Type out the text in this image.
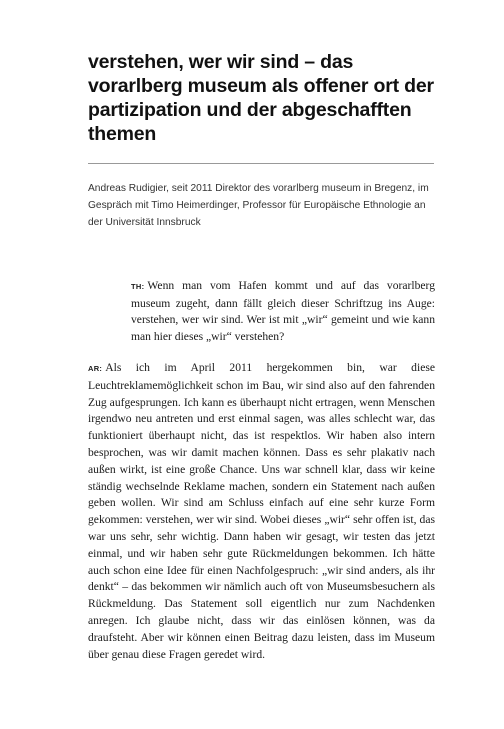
verstehen, wer wir sind – das vorarlberg museum als offener ort der partizipation und der abgeschafften themen

Andreas Rudigier, seit 2011 Direktor des vorarlberg museum in Bregenz, im Gespräch mit Timo Heimerdinger, Professor für Europäische Ethnologie an der Universität Innsbruck

TH: Wenn man vom Hafen kommt und auf das vorarlberg museum zugeht, dann fällt gleich dieser Schriftzug ins Auge: verstehen, wer wir sind. Wer ist mit „wir“ gemeint und wie kann man hier dieses „wir“ verstehen?

AR: Als ich im April 2011 hergekommen bin, war diese Leuchtreklamemöglichkeit schon im Bau, wir sind also auf den fahrenden Zug aufgesprungen. Ich kann es überhaupt nicht ertragen, wenn Menschen irgendwo neu antreten und erst einmal sagen, was alles schlecht war, das funktioniert überhaupt nicht, das ist respektlos. Wir haben also intern besprochen, was wir damit machen können. Dass es sehr plakativ nach außen wirkt, ist eine große Chance. Uns war schnell klar, dass wir keine ständig wechselnde Reklame machen, sondern ein Statement nach außen geben wollen. Wir sind am Schluss einfach auf eine sehr kurze Form gekommen: verstehen, wer wir sind. Wobei dieses „wir“ sehr offen ist, das war uns sehr, sehr wichtig. Dann haben wir gesagt, wir testen das jetzt einmal, und wir haben sehr gute Rückmeldungen bekommen. Ich hätte auch schon eine Idee für einen Nachfolgespruch: „wir sind anders, als ihr denkt“ – das bekommen wir nämlich auch oft von Museumsbesuchern als Rückmeldung. Das Statement soll eigentlich nur zum Nachdenken anregen. Ich glaube nicht, dass wir das einlösen können, was da draufsteht. Aber wir können einen Beitrag dazu leisten, dass im Museum über genau diese Fragen geredet wird.
